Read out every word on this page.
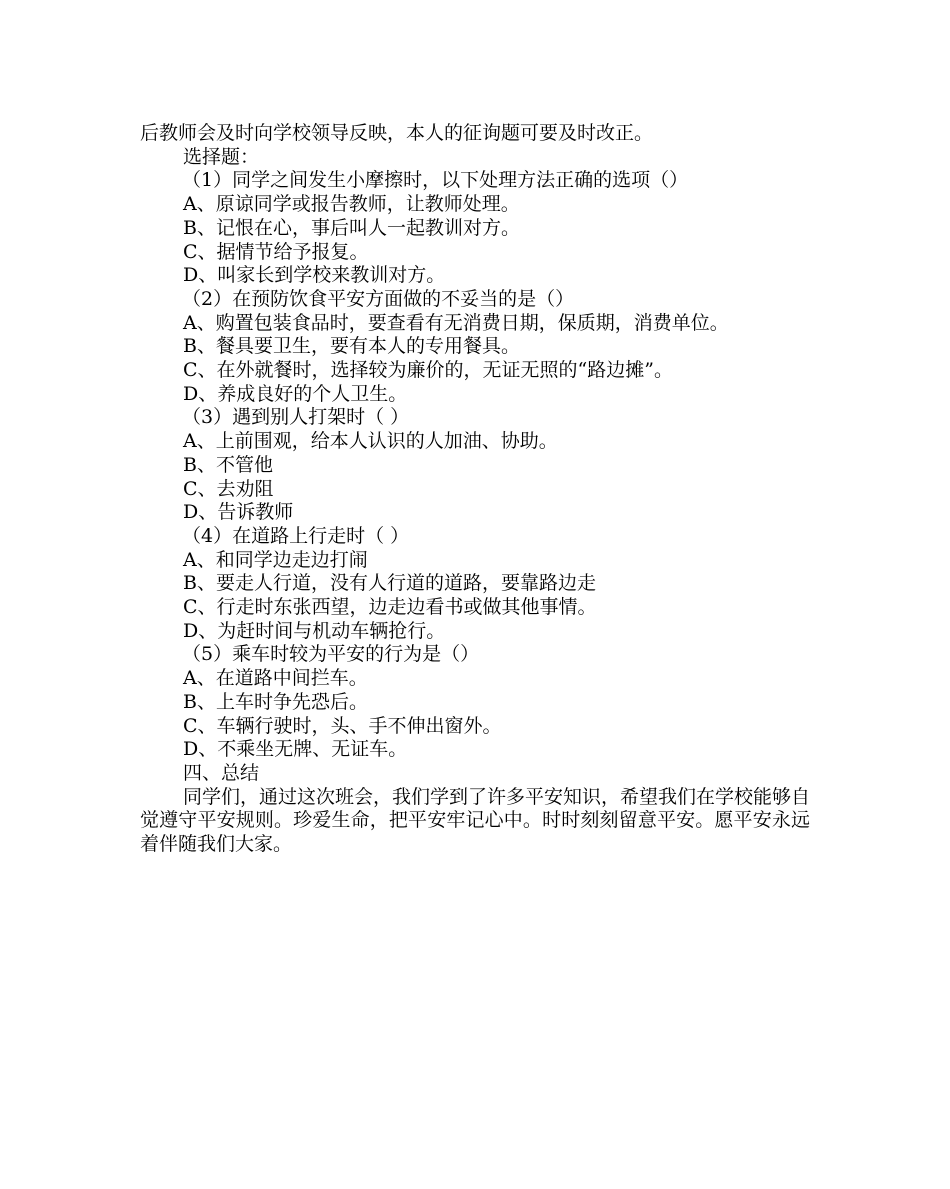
后教师会及时向学校领导反映，本人的征询题可要及时改正。

选择题：

（1）同学之间发生小摩擦时，以下处理方法正确的选项（）

A、原谅同学或报告教师，让教师处理。

B、记恨在心，事后叫人一起教训对方。

C、据情节给予报复。

D、叫家长到学校来教训对方。

（2）在预防饮食平安方面做的不妥当的是（）

A、购置包装食品时，要查看有无消费日期，保质期，消费单位。

B、餐具要卫生，要有本人的专用餐具。

C、在外就餐时，选择较为廉价的，无证无照的“路边摊”。

D、养成良好的个人卫生。

（3）遇到别人打架时（ ）

A、上前围观，给本人认识的人加油、协助。

B、不管他

C、去劝阻

D、告诉教师

（4）在道路上行走时（ ）

A、和同学边走边打闹

B、要走人行道，没有人行道的道路，要靠路边走

C、行走时东张西望，边走边看书或做其他事情。

D、为赶时间与机动车辆抢行。

（5）乘车时较为平安的行为是（）

A、在道路中间拦车。

B、上车时争先恐后。

C、车辆行驶时，头、手不伸出窗外。

D、不乘坐无牌、无证车。

四、总结

同学们，通过这次班会，我们学到了许多平安知识，希望我们在学校能够自觉遵守平安规则。珍爱生命，把平安牢记心中。时时刻刻留意平安。愿平安永远着伴随我们大家。
